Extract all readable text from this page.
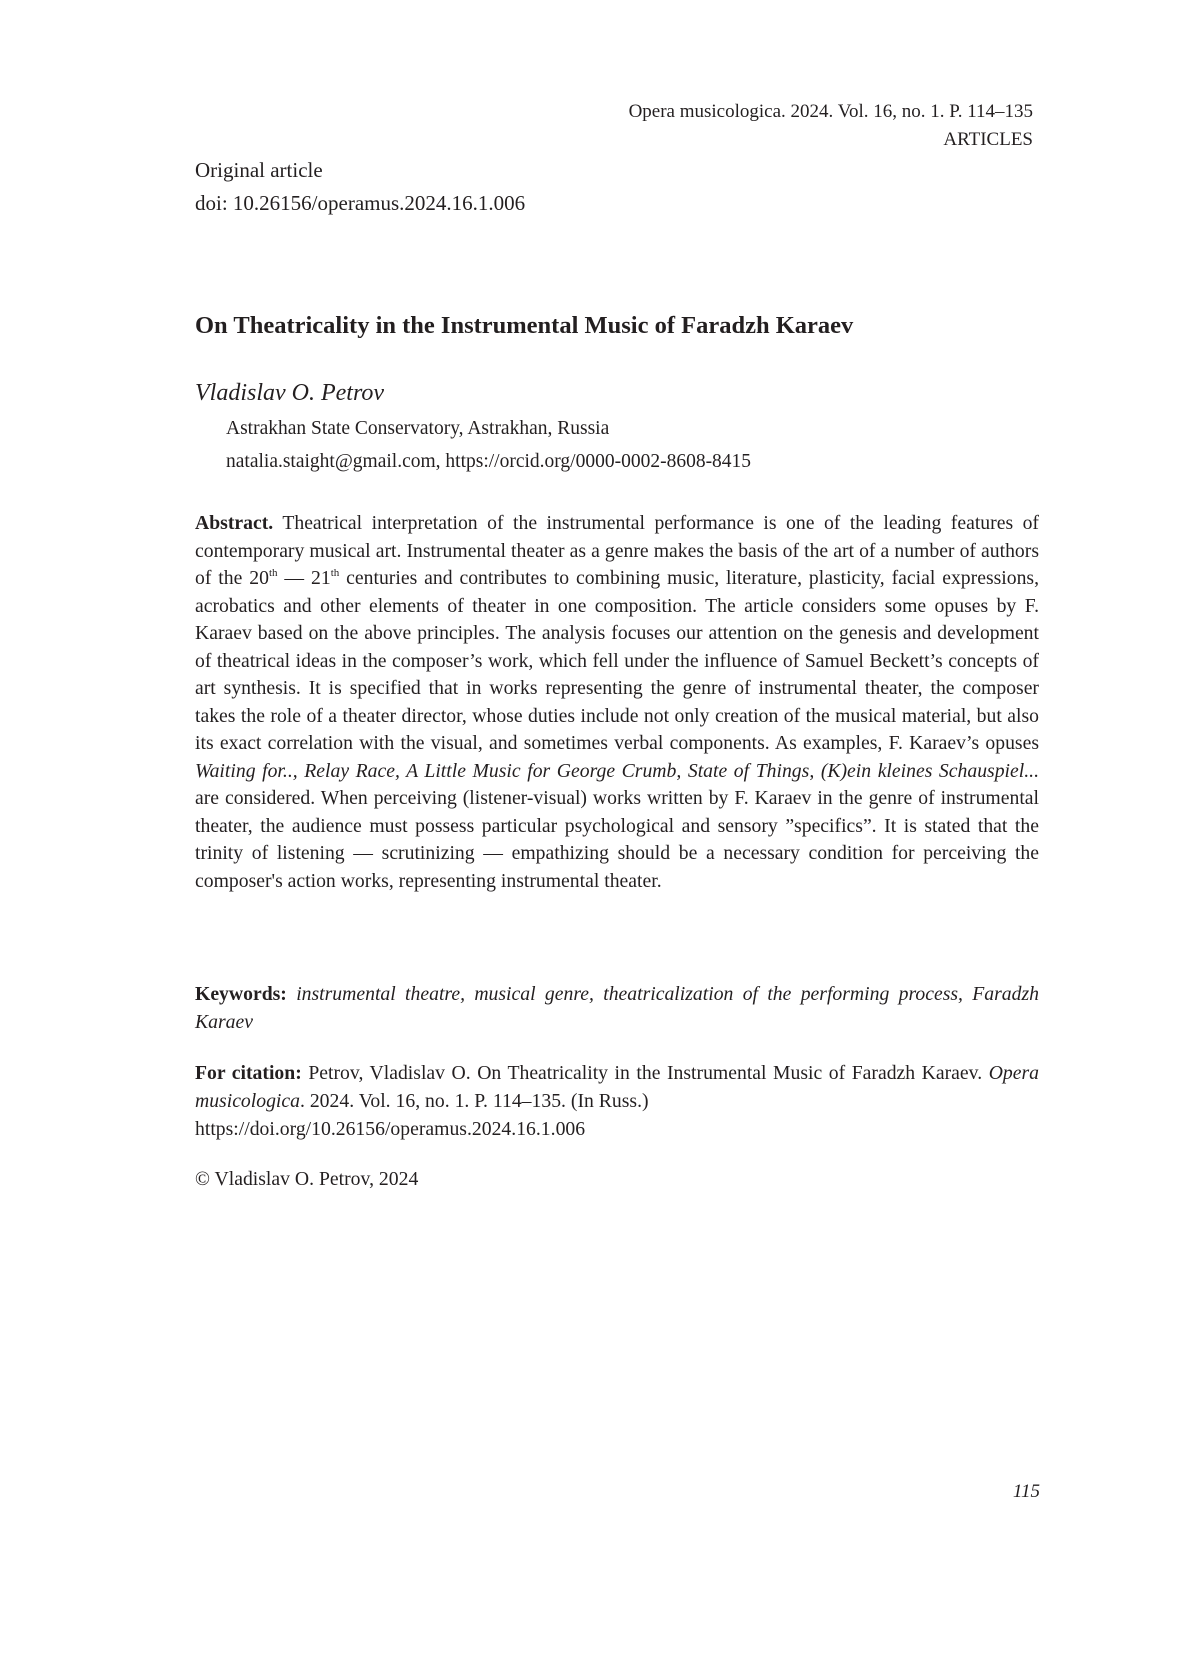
Opera musicologica. 2024. Vol. 16, no. 1. P. 114–135
ARTICLES
Original article
doi: 10.26156/operamus.2024.16.1.006
On Theatricality in the Instrumental Music of Faradzh Karaev
Vladislav O. Petrov
Astrakhan State Conservatory, Astrakhan, Russia
natalia.staight@gmail.com, https://orcid.org/0000-0002-8608-8415

Abstract. Theatrical interpretation of the instrumental performance is one of the leading features of contemporary musical art. Instrumental theater as a genre makes the basis of the art of a number of authors of the 20th — 21th centuries and contributes to combining music, literature, plasticity, facial expressions, acrobatics and other elements of theater in one composition. The article considers some opuses by F. Karaev based on the above principles. The analysis focuses our attention on the genesis and development of theatrical ideas in the composer’s work, which fell under the influence of Samuel Beckett’s concepts of art synthesis. It is specified that in works representing the genre of instrumental theater, the composer takes the role of a theater director, whose duties include not only creation of the musical material, but also its exact correlation with the visual, and sometimes verbal components. As examples, F. Karaev’s opuses Waiting for.., Relay Race, A Little Music for George Crumb, State of Things, (K)ein kleines Schauspiel... are considered. When perceiving (listener-visual) works written by F. Karaev in the genre of instrumental theater, the audience must possess particular psychological and sensory ”specifics”. It is stated that the trinity of listening — scrutinizing — empathizing should be a necessary condition for perceiving the composer's action works, representing instrumental theater.

Keywords: instrumental theatre, musical genre, theatricalization of the performing process, Faradzh Karaev

For citation: Petrov, Vladislav O. On Theatricality in the Instrumental Music of Faradzh Karaev. Opera musicologica. 2024. Vol. 16, no. 1. P. 114–135. (In Russ.)
https://doi.org/10.26156/operamus.2024.16.1.006

© Vladislav O. Petrov, 2024
115
